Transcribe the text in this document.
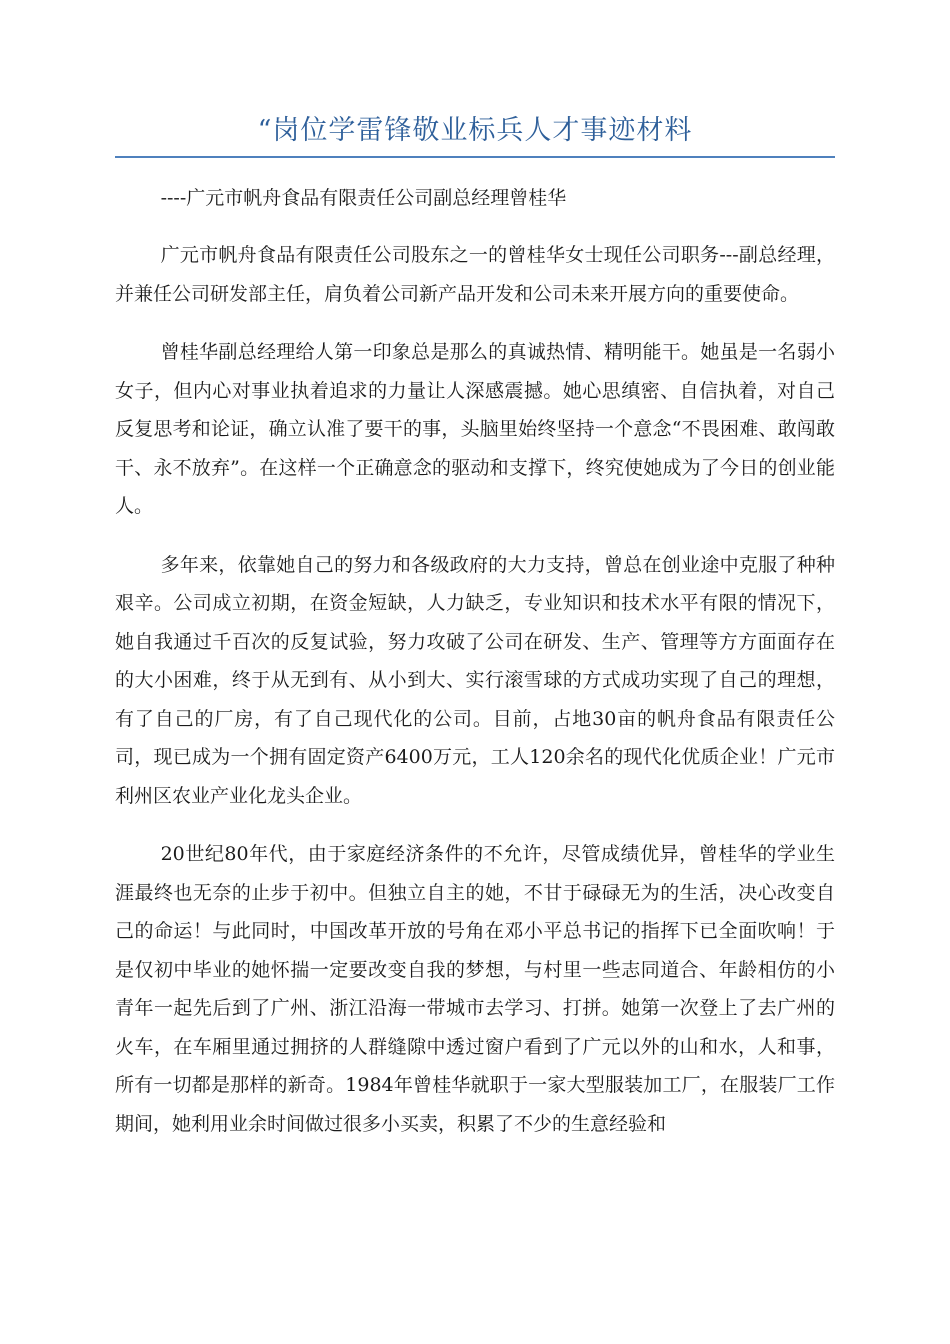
“岗位学雷锋敬业标兵人才事迹材料

----广元市帆舟食品有限责任公司副总经理曾桂华

广元市帆舟食品有限责任公司股东之一的曾桂华女士现任公司职务---副总经理，并兼任公司研发部主任，肩负着公司新产品开发和公司未来开展方向的重要使命。

曾桂华副总经理给人第一印象总是那么的真诚热情、精明能干。她虽是一名弱小女子，但内心对事业执着追求的力量让人深感震撼。她心思缜密、自信执着，对自己反复思考和论证，确立认准了要干的事，头脑里始终坚持一个意念“不畏困难、敢闯敢干、永不放弃”。在这样一个正确意念的驱动和支撑下，终究使她成为了今日的创业能人。

多年来，依靠她自己的努力和各级政府的大力支持，曾总在创业途中克服了种种艰辛。公司成立初期，在资金短缺，人力缺乏，专业知识和技术水平有限的情况下，她自我通过千百次的反复试验，努力攻破了公司在研发、生产、管理等方方面面存在的大小困难，终于从无到有、从小到大、实行滚雪球的方式成功实现了自己的理想，有了自己的厂房，有了自己现代化的公司。目前，占地30亩的帆舟食品有限责任公司，现已成为一个拥有固定资产6400万元，工人120余名的现代化优质企业！广元市利州区农业产业化龙头企业。

20世纪80年代，由于家庭经济条件的不允许，尽管成绩优异，曾桂华的学业生涯最终也无奈的止步于初中。但独立自主的她，不甘于碌碌无为的生活，决心改变自己的命运！与此同时，中国改革开放的号角在邓小平总书记的指挥下已全面吹响！于是仅初中毕业的她怀揣一定要改变自我的梦想，与村里一些志同道合、年龄相仿的小青年一起先后到了广州、浙江沿海一带城市去学习、打拼。她第一次登上了去广州的火车，在车厢里通过拥挤的人群缝隙中透过窗户看到了广元以外的山和水，人和事，所有一切都是那样的新奇。1984年曾桂华就职于一家大型服装加工厂，在服装厂工作期间，她利用业余时间做过很多小买卖，积累了不少的生意经验和
